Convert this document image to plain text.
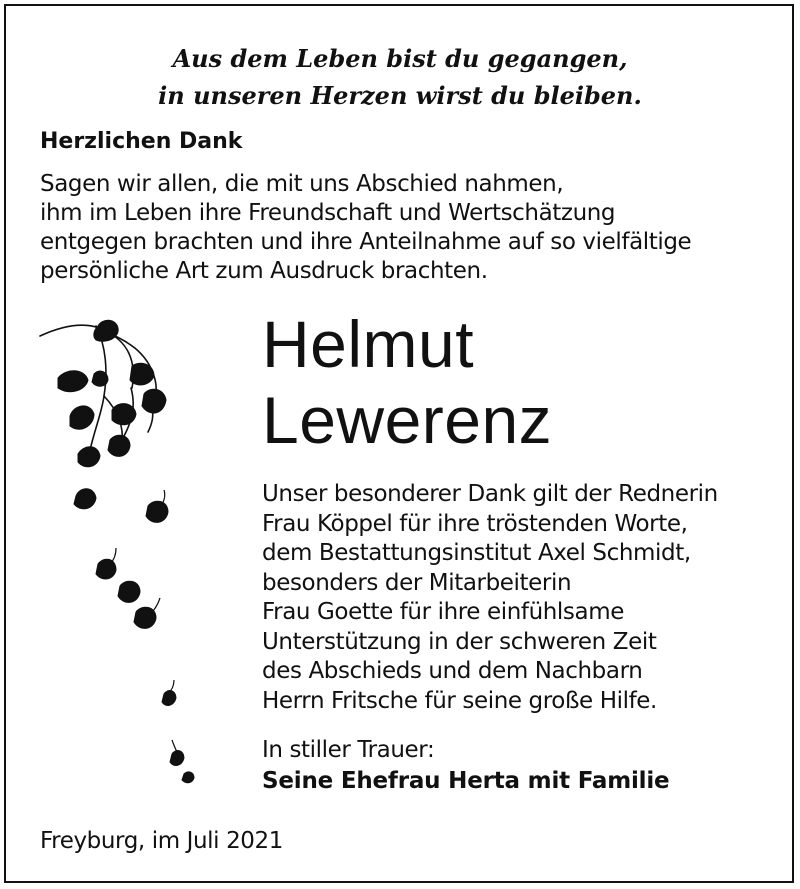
Aus dem Leben bist du gegangen,
in unseren Herzen wirst du bleiben.
Herzlichen Dank
Sagen wir allen, die mit uns Abschied nahmen,
ihm im Leben ihre Freundschaft und Wertschätzung
entgegen brachten und ihre Anteilnahme auf so vielfältige
persönliche Art zum Ausdruck brachten.
Helmut
Lewerenz
Unser besonderer Dank gilt der Rednerin
Frau Köppel für ihre tröstenden Worte,
dem Bestattungsinstitut Axel Schmidt,
besonders der Mitarbeiterin
Frau Goette für ihre einfühlsame
Unterstützung in der schweren Zeit
des Abschieds und dem Nachbarn
Herrn Fritsche für seine große Hilfe.
In stiller Trauer:
Seine Ehefrau Herta mit Familie
Freyburg, im Juli 2021
